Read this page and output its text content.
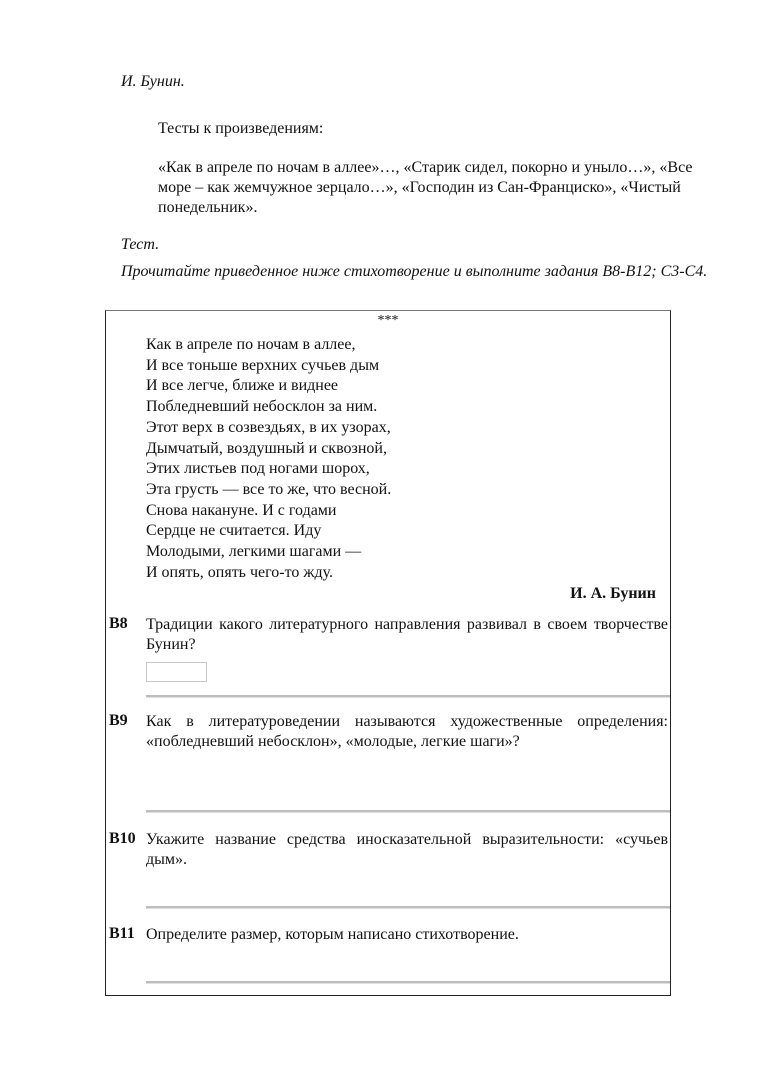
И. Бунин.
Тесты к произведениям:
«Как в апреле по ночам в аллее»…, «Старик сидел, покорно и уныло…», «Все море – как жемчужное зерцало…», «Господин из Сан-Франциско», «Чистый понедельник».
Тест.
Прочитайте приведенное ниже стихотворение и выполните задания B8-B12; C3-C4.
***
Как в апреле по ночам в аллее,
И все тоньше верхних сучьев дым
И все легче, ближе и виднее
Побледневший небосклон за ним.
Этот верх в созвездьях, в их узорах,
Дымчатый, воздушный и сквозной,
Этих листьев под ногами шорох,
Эта грусть — все то же, что весной.
Снова накануне. И с годами
Сердце не считается. Иду
Молодыми, легкими шагами —
И опять, опять чего-то жду.
И. А. Бунин
B8	Традиции какого литературного направления развивал в своем творчестве Бунин?
B9	Как в литературоведении называются художественные определения: «побледневший небосклон», «молодые, легкие шаги»?
B10 Укажите название средства иносказательной выразительности: «сучьев дым».
B11 Определите размер, которым написано стихотворение.
